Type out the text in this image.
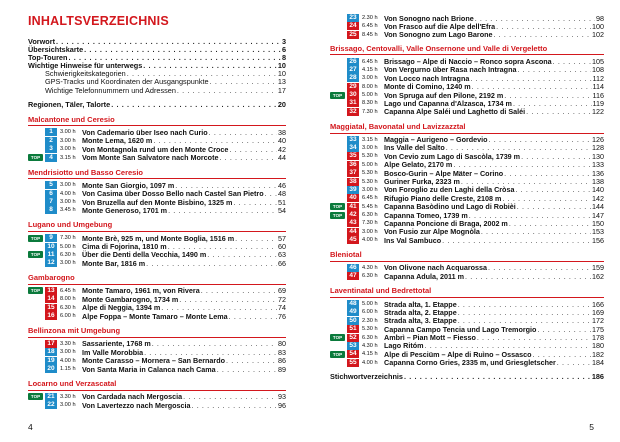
INHALTSVERZEICHNIS
Vorwort . . .	3
Übersichtskarte . . .	6
Top-Touren . . .	8
Wichtige Hinweise für unterwegs . . .	10
Schwierigkeitskategorien . . .	10
GPS-Tracks und Koordinaten der Ausgangspunkte . . .	13
Wichtige Telefonnummern und Adressen . . .	17
Regionen, Täler, Talorte . . .	20
Malcantone und Ceresio
1	3.00 h Von Cademario über Iseo nach Curio . . .	38
2	3.00 h Monte Lema, 1620 m . . .	40
3	3.00 h Von Montagnola rund um den Monte Croce . . .	42
TOP	4	3.15 h Vom Monte San Salvatore nach Morcote . . .	44
Mendrisiotto und Basso Ceresio
5	3.00 h Monte San Giorgio, 1097 m . . .	46
6	4.00 h Von Casima über Dosso Bello nach Castel San Pietro . . . 48
7	3.00 h Von Bruzella auf den Monte Bisbino, 1325 m . . .	51
8	3.45 h Monte Generoso, 1701 m . . .	54
Lugano und Umgebung
TOP	9	7.30 h Monte Brè, 925 m, und Monte Boglia, 1516 m . . .	57
10 5.00 h Cima di Fojorina, 1810 m . . .	60
TOP	11 6.30 h Über die Denti della Vecchia, 1490 m . . .	63
12 3.00 h Monte Bar, 1816 m . . .	66
Gambarogno
TOP	13 6.45 h Monte Tamaro, 1961 m, von Rivera . . .	69
14 8.00 h Monte Gambarogno, 1734 m . . .	72
15 6.30 h Alpe di Neggia, 1394 m . . .	74
16 6.00 h Alpe Foppa – Monte Tamaro – Monte Lema . . .	76
Bellinzona mit Umgebung
17 3.30 h Sassariente, 1768 m . . .	80
18 3.00 h Im Valle Morobbia . . .	83
19 4.00 h Monte Carasso – Mornera – San Bernardo . . .	86
20 1.15 h Von Santa Maria in Calanca nach Cama . . .	89
Locarno und Verzascatal
TOP	21 3.30 h Von Cardada nach Mergoscia . . .	93
22 3.00 h Von Lavertezzo nach Mergoscia . . .	96
4
23 2.30 h Von Sonogno nach Brione . . .	98
24 6.45 h Von Frasco auf die Alpe dell'Efra . . .	100
25 8.45 h Von Sonogno zum Lago Barone . . .	102
Brissago, Centovalli, Valle Onsernone und Valle di Vergeletto
26 6.45 h Brissago – Alpe di Naccio – Ronco sopra Ascona . . .	105
27 4.15 h Von Vergurno über Rasa nach Intragna . . .	108
28 3.00 h Von Locco nach Intragna . . .	112
29 8.00 h Monte di Comino, 1240 m . . .	114
TOP	30 5.00 h Von Spruga auf den Pilone, 2192 m . . .	116
31 8.30 h Lago und Capanna d'Alzasca, 1734 m . . .	119
32 7.30 h Capanna Alpe Saléi und Laghetto di Saléi . . .	122
Maggiatal, Bavonatal und Lavizzazztal
33 3.15 h Maggia – Aurigeno – Gordevio . . .	126
34 3.00 h Ins Valle del Salto . . .	128
35 5.30 h Von Cevio zum Lago di Sascòla, 1739 m . . .	130
36 5.00 h Alpe Gelato, 2170 m . . .	133
37 5.30 h Bosco-Gurin – Alpe Mäter – Corino . . .	136
38 5.30 h Guriner Furka, 2323 m . . .	138
39 3.00 h Von Foroglio zu den Laghi della Cròsa . . .	140
40 6.45 h Rifugio Piano delle Creste, 2108 m . . .	142
TOP	41 5.45 h Capanna Basòdino und Lago di Robièi . . .	144
TOP	42 6.30 h Capanna Tomeo, 1739 m . . .	147
43 7.30 h Capanna Poncione di Braga, 2002 m . . .	150
44 3.00 h Von Fusio zur Alpe Mognòla . . .	153
45 4.00 h Ins Val Sambuco . . .	156
Bleniotal
46 4.30 h Von Olivone nach Acquarossa . . .	159
47 6.30 h Capanna Adula, 2011 m . . .	162
Laventinatal und Bedrettotal
48 5.00 h Strada alta, 1. Etappe . . .	166
49 6.00 h Strada alta, 2. Etappe . . .	169
50 2.30 h Strada alta, 3. Etappe . . .	172
51 5.30 h Capanna Campo Tencia und Lago Tremorgio . . .	175
TOP	52 6.30 h Ambrì – Pian Mott – Fiesso . . .	178
53 4.30 h Lago Ritóm . . .	180
TOP	54 4.15 h Alpe di Pesciüm – Alpe di Ruìno – Ossasco . . .	182
55 4.00 h Capanna Corno Gries, 2335 m, und Griesgletscher . . .	184
Stichwortverzeichnis . . .	186
5
